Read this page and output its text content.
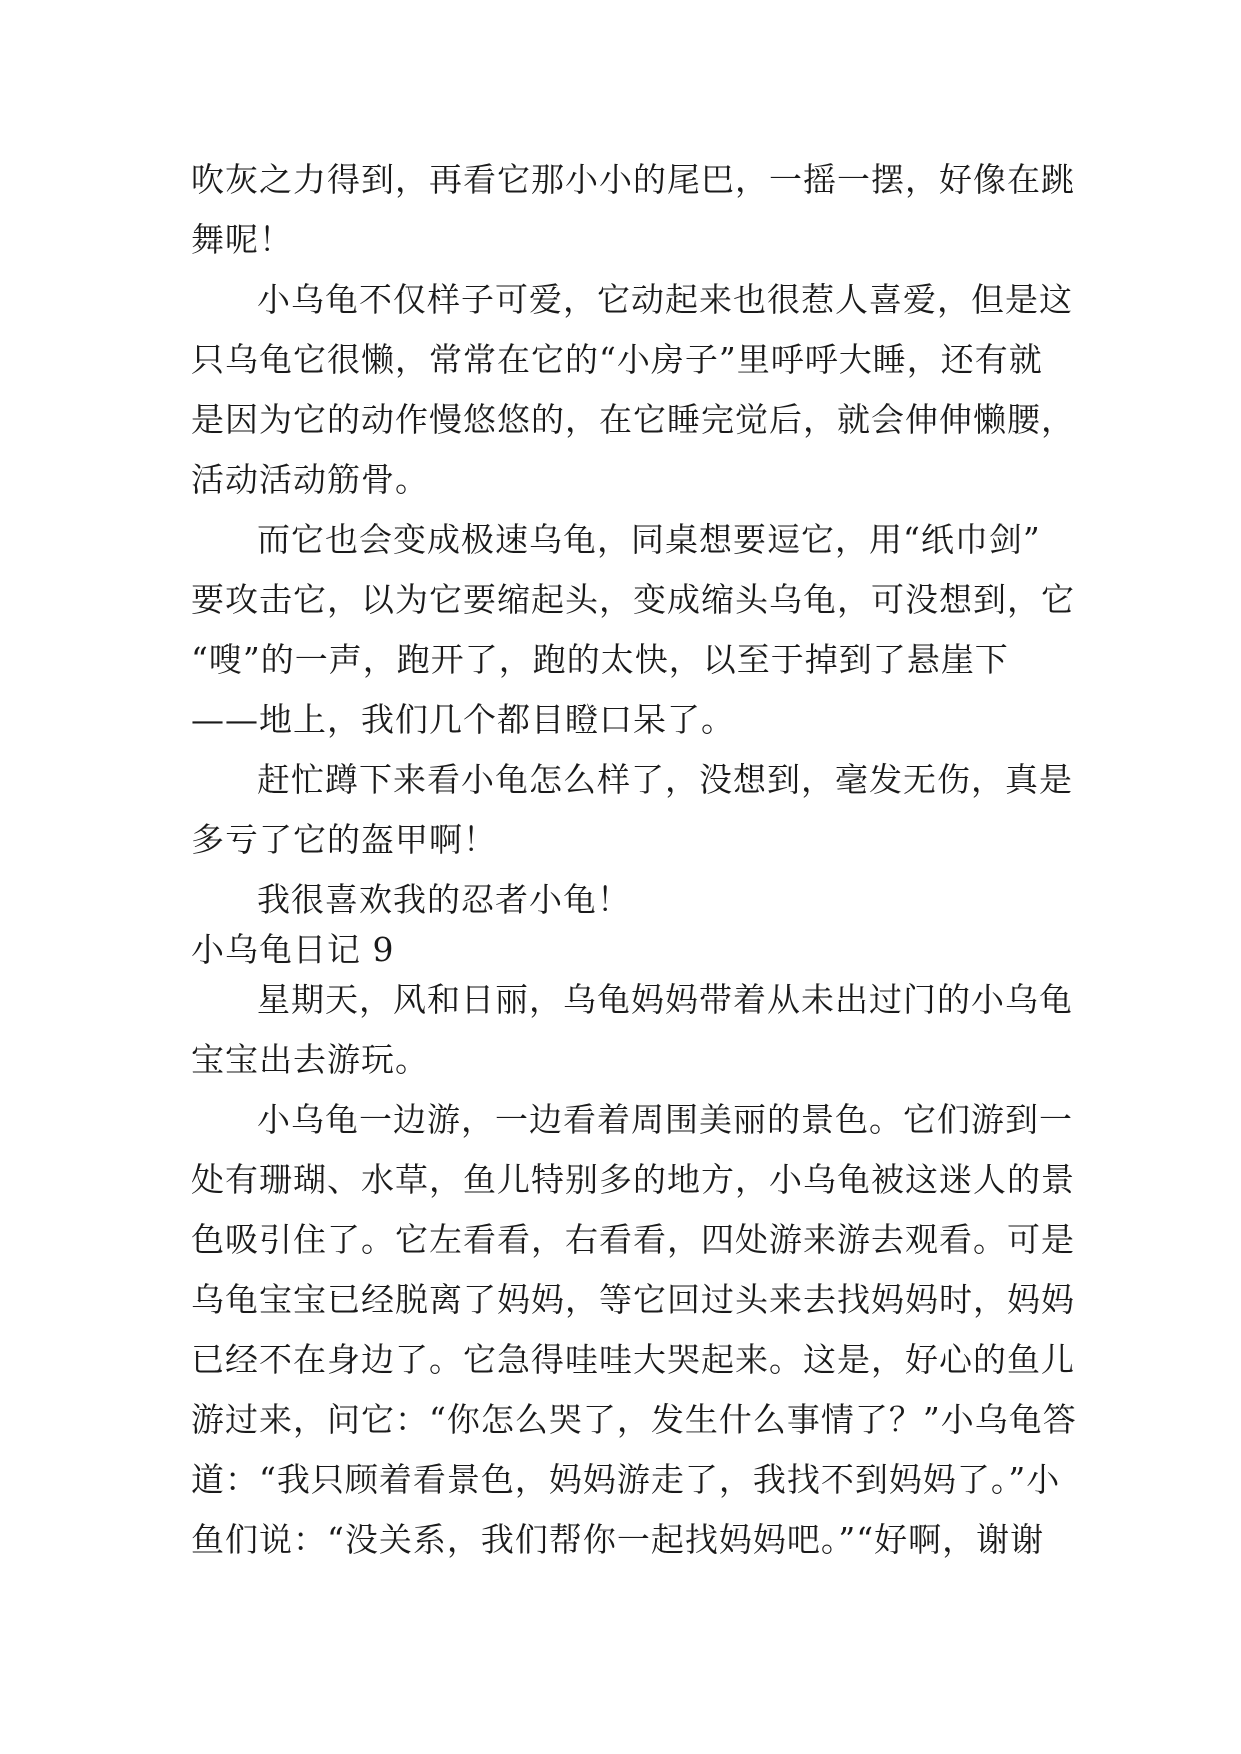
吹灰之力得到，再看它那小小的尾巴，一摇一摆，好像在跳
舞呢！
小乌龟不仅样子可爱，它动起来也很惹人喜爱，但是这
只乌龟它很懒，常常在它的“小房子”里呼呼大睡，还有就
是因为它的动作慢悠悠的，在它睡完觉后，就会伸伸懒腰，
活动活动筋骨。
而它也会变成极速乌龟，同桌想要逗它，用“纸巾剑”
要攻击它，以为它要缩起头，变成缩头乌龟，可没想到，它
“嗖”的一声，跑开了，跑的太快，以至于掉到了悬崖下
——地上，我们几个都目瞪口呆了。
赶忙蹲下来看小龟怎么样了，没想到，毫发无伤，真是
多亏了它的盔甲啊！
我很喜欢我的忍者小龟！
小乌龟日记 9
星期天，风和日丽，乌龟妈妈带着从未出过门的小乌龟
宝宝出去游玩。
小乌龟一边游，一边看着周围美丽的景色。它们游到一
处有珊瑚、水草，鱼儿特别多的地方，小乌龟被这迷人的景
色吸引住了。它左看看，右看看，四处游来游去观看。可是
乌龟宝宝已经脱离了妈妈，等它回过头来去找妈妈时，妈妈
已经不在身边了。它急得哇哇大哭起来。这是，好心的鱼儿
游过来，问它：“你怎么哭了，发生什么事情了？”小乌龟答
道：“我只顾着看景色，妈妈游走了，我找不到妈妈了。”小
鱼们说：“没关系，我们帮你一起找妈妈吧。”“好啊，谢谢
